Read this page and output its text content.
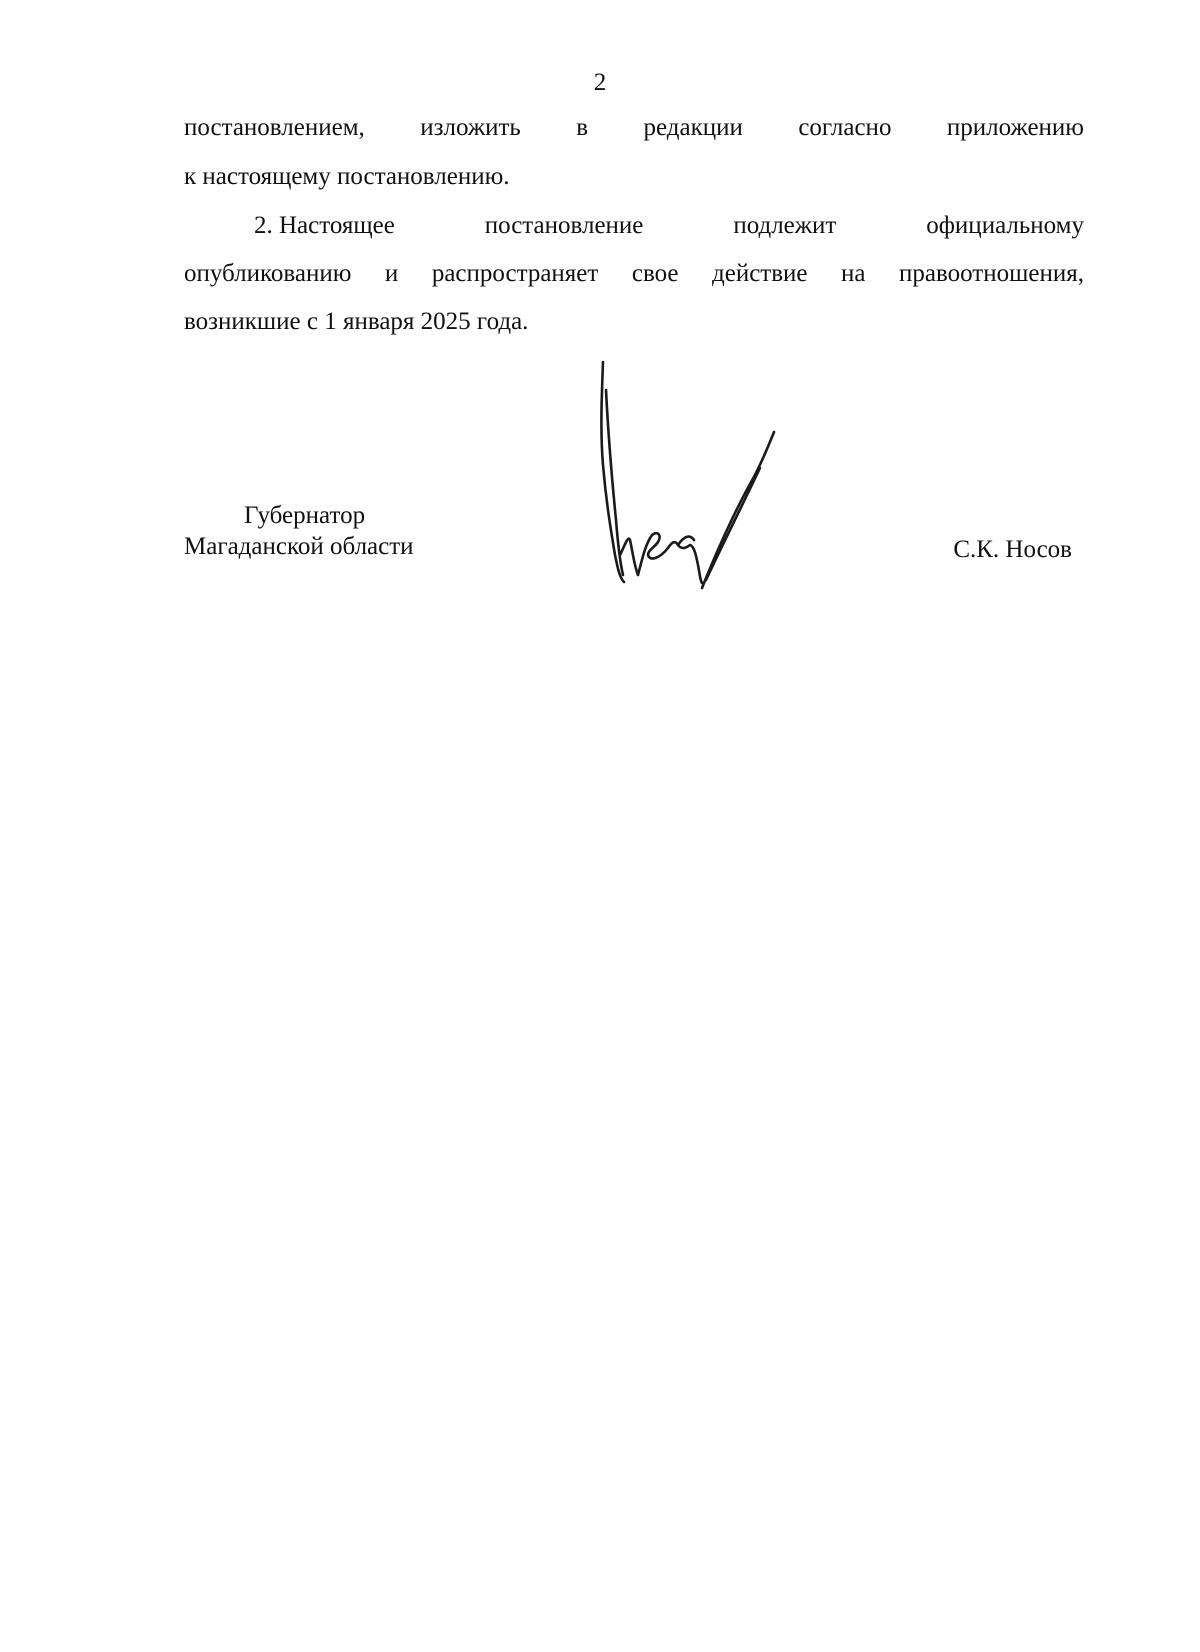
2
постановлением, изложить в редакции согласно приложению
к настоящему постановлению.
2. Настоящее	постановление	подлежит	официальному
опубликованию и распространяет свое действие на правоотношения,
возникшие с 1 января 2025 года.
Губернатор
Магаданской области	С.К. Носов
